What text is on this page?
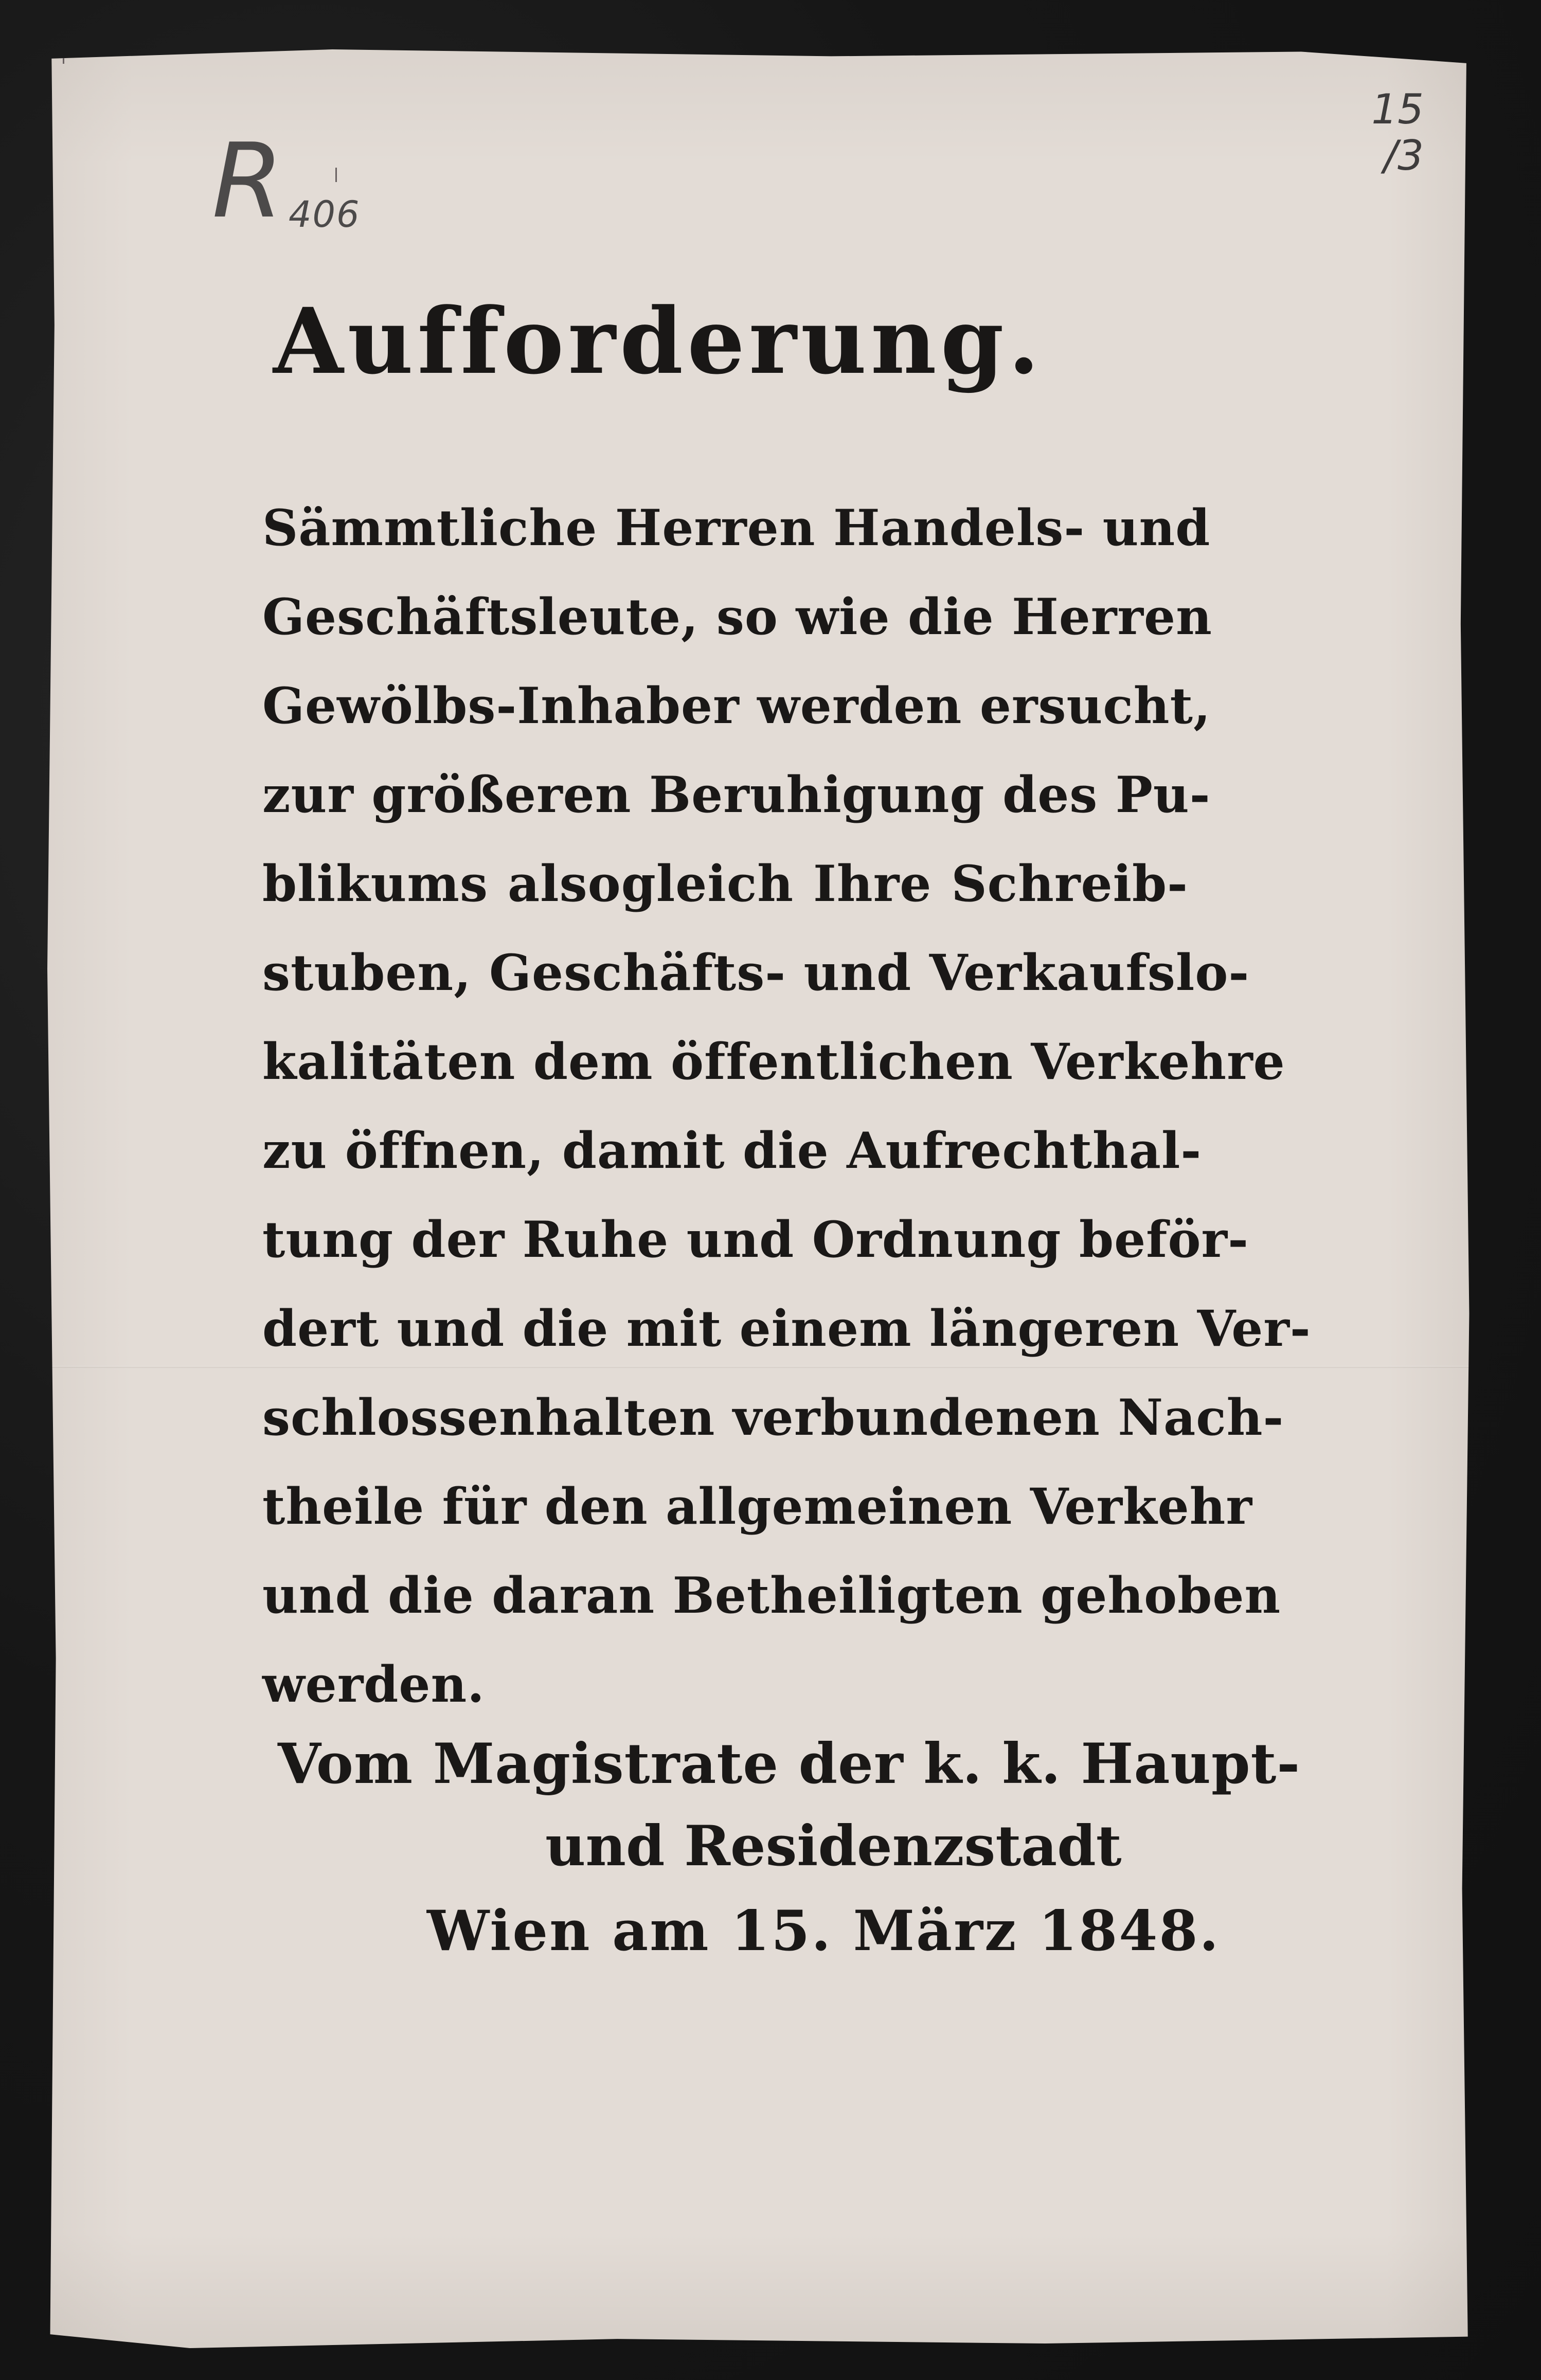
R 406
15
/3
Aufforderung.
Sämmtliche Herren Handels- und
Geschäftsleute, so wie die Herren
Gewölbs-Inhaber werden ersucht,
zur größeren Beruhigung des Pu-
blikums alsogleich Ihre Schreib-
stuben, Geschäfts- und Verkaufslo-
kalitäten dem öffentlichen Verkehre
zu öffnen, damit die Aufrechthal-
tung der Ruhe und Ordnung beför-
dert und die mit einem längeren Ver-
schlossenhalten verbundenen Nach-
theile für den allgemeinen Verkehr
und die daran Betheiligten gehoben
werden.
Vom Magistrate der k. k. Haupt-
und Residenzstadt
Wien am 15. März 1848.
